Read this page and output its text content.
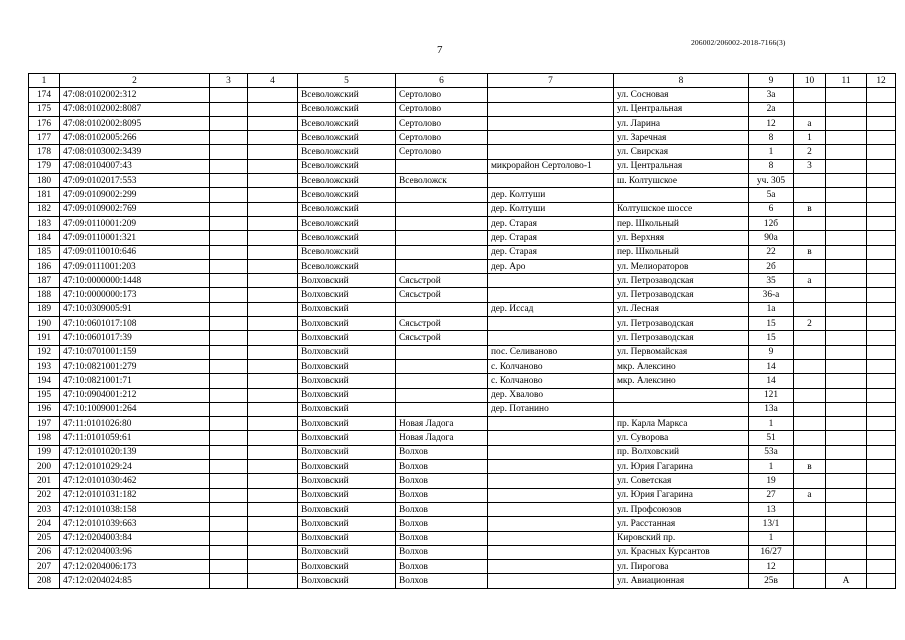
206002/206002-2018-7166(3)
7
1	2	3	4	5	6	7	8	9	10	11	12
174	47:08:0102002:312			Всеволожский	Сертолово		ул. Сосновая	3а			
175	47:08:0102002:8087			Всеволожский	Сертолово		ул. Центральная	2а			
176	47:08:0102002:8095			Всеволожский	Сертолово		ул. Ларина	12	а		
177	47:08:0102005:266			Всеволожский	Сертолово		ул. Заречная	8	1		
178	47:08:0103002:3439			Всеволожский	Сертолово		ул. Свирская	1	2		
179	47:08:0104007:43			Всеволожский		микрорайон Сертолово-1	ул. Центральная	8	3		
180	47:09:0102017:553			Всеволожский	Всеволожск		ш. Колтушское	уч. 305			
181	47:09:0109002:299			Всеволожский		дер. Колтуши		5а			
182	47:09:0109002:769			Всеволожский		дер. Колтуши	Колтушское шоссе	6	в		
183	47:09:0110001:209			Всеволожский		дер. Старая	пер. Школьный	12б			
184	47:09:0110001:321			Всеволожский		дер. Старая	ул. Верхняя	90а			
185	47:09:0110010:646			Всеволожский		дер. Старая	пер. Школьный	22	в		
186	47:09:0111001:203			Всеволожский		дер. Аро	ул. Мелиораторов	2б			
187	47:10:0000000:1448			Волховский	Сясьстрой		ул. Петрозаводская	35	а		
188	47:10:0000000:173			Волховский	Сясьстрой		ул. Петрозаводская	36-а			
189	47:10:0309005:91			Волховский		дер. Иссад	ул. Лесная	1а			
190	47:10:0601017:108			Волховский	Сясьстрой		ул. Петрозаводская	15	2		
191	47:10:0601017:39			Волховский	Сясьстрой		ул. Петрозаводская	15			
192	47:10:0701001:159			Волховский		пос. Селиваново	ул. Первомайская	9			
193	47:10:0821001:279			Волховский		с. Колчаново	мкр. Алексино	14			
194	47:10:0821001:71			Волховский		с. Колчаново	мкр. Алексино	14			
195	47:10:0904001:212			Волховский		дер. Хвалово		121			
196	47:10:1009001:264			Волховский		дер. Потанино		13а			
197	47:11:0101026:80			Волховский	Новая Ладога		пр. Карла Маркса	1			
198	47:11:0101059:61			Волховский	Новая Ладога		ул. Суворова	51			
199	47:12:0101020:139			Волховский	Волхов		пр. Волховский	53а			
200	47:12:0101029:24			Волховский	Волхов		ул. Юрия Гагарина	1	в		
201	47:12:0101030:462			Волховский	Волхов		ул. Советская	19			
202	47:12:0101031:182			Волховский	Волхов		ул. Юрия Гагарина	27	а		
203	47:12:0101038:158			Волховский	Волхов		ул. Профсоюзов	13			
204	47:12:0101039:663			Волховский	Волхов		ул. Расстанная	13/1			
205	47:12:0204003:84			Волховский	Волхов		Кировский пр.	1			
206	47:12:0204003:96			Волховский	Волхов		ул. Красных Курсантов	16/27			
207	47:12:0204006:173			Волховский	Волхов		ул. Пирогова	12			
208	47:12:0204024:85			Волховский	Волхов		ул. Авиационная	25в		А	
